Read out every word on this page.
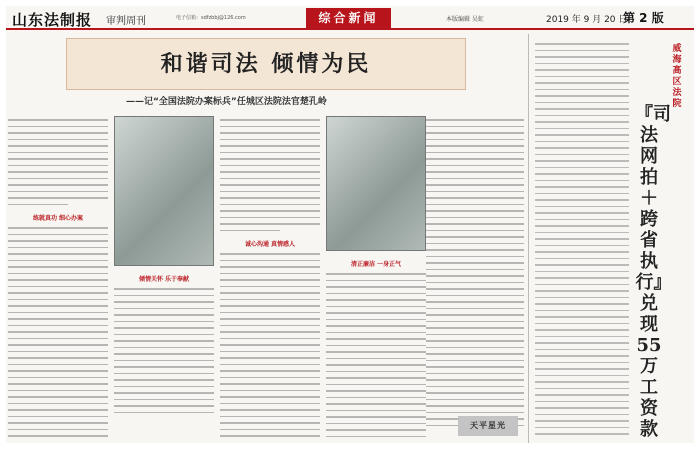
山东法制报 审判周刊	电子信箱：sdfzbbj@126.com	综合新闻	本版编辑 吴虹	2019 年 9 月 20 日
第 2 版
和谐司法 倾情为民
——记“全国法院办案标兵”任城区法院法官楚孔岭
练就真功 细心办案
倾情关怀 乐于奉献
诚心沟通 真情感人
清正廉洁 一身正气
天平星光
『司法网拍＋跨省执行』兑现55万工资款
威海高区法院
